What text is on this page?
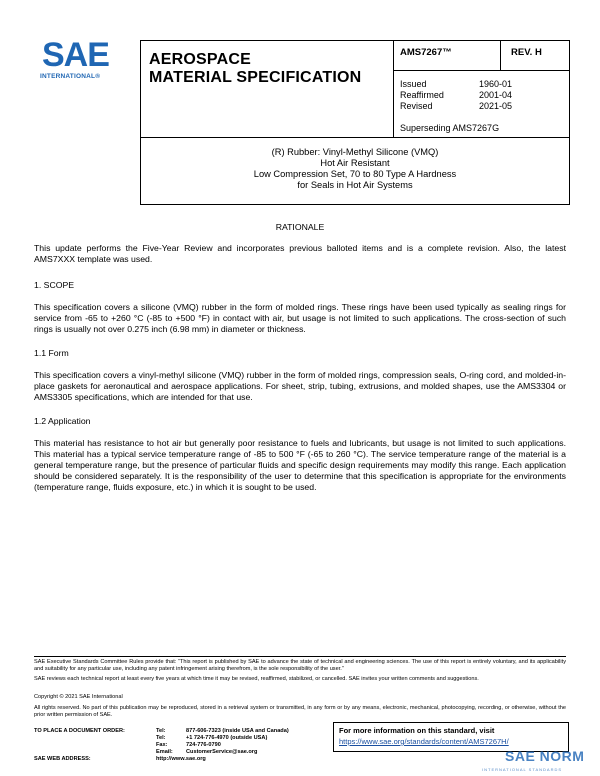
SAE
INTERNATIONAL®
AEROSPACE
MATERIAL SPECIFICATION
AMS7267™	REV. H
Issued	1960-01
Reaffirmed	2001-04
Revised	2021-05
Superseding AMS7267G
(R) Rubber: Vinyl-Methyl Silicone (VMQ)
Hot Air Resistant
Low Compression Set, 70 to 80 Type A Hardness
for Seals in Hot Air Systems
RATIONALE
This update performs the Five-Year Review and incorporates previous balloted items and is a complete revision. Also, the latest AMS7XXX template was used.
1. SCOPE
This specification covers a silicone (VMQ) rubber in the form of molded rings. These rings have been used typically as sealing rings for service from -65 to +260 °C (-85 to +500 °F) in contact with air, but usage is not limited to such applications. The cross-section of such rings is usually not over 0.275 inch (6.98 mm) in diameter or thickness.
1.1 Form
This specification covers a vinyl-methyl silicone (VMQ) rubber in the form of molded rings, compression seals, O-ring cord, and molded-in-place gaskets for aeronautical and aerospace applications. For sheet, strip, tubing, extrusions, and molded shapes, use the AMS3304 or AMS3305 specifications, which are intended for that use.
1.2 Application
This material has resistance to hot air but generally poor resistance to fuels and lubricants, but usage is not limited to such applications. This material has a typical service temperature range of -85 to 500 °F (-65 to 260 °C). The service temperature range of the material is a general temperature range, but the presence of particular fluids and specific design requirements may modify this range. Each application should be considered separately. It is the responsibility of the user to determine that this specification is appropriate for the environments (temperature range, fluids exposure, etc.) in which it is sought to be used.
SAE Executive Standards Committee Rules provide that: “This report is published by SAE to advance the state of technical and engineering sciences. The use of this report is entirely voluntary, and its applicability and suitability for any particular use, including any patent infringement arising therefrom, is the sole responsibility of the user.”
SAE reviews each technical report at least every five years at which time it may be revised, reaffirmed, stabilized, or cancelled. SAE invites your written comments and suggestions.
Copyright © 2021 SAE International
All rights reserved. No part of this publication may be reproduced, stored in a retrieval system or transmitted, in any form or by any means, electronic, mechanical, photocopying, recording, or otherwise, without the prior written permission of SAE.
TO PLACE A DOCUMENT ORDER:	Tel:	877-606-7323 (inside USA and Canada)
Tel:	+1 724-776-4970 (outside USA)
Fax:	724-776-0790
Email: CustomerService@sae.org
SAE WEB ADDRESS:	http://www.sae.org
For more information on this standard, visit
https://www.sae.org/standards/content/AMS7267H/
SAE NORM
INTERNATIONAL STANDARDS
